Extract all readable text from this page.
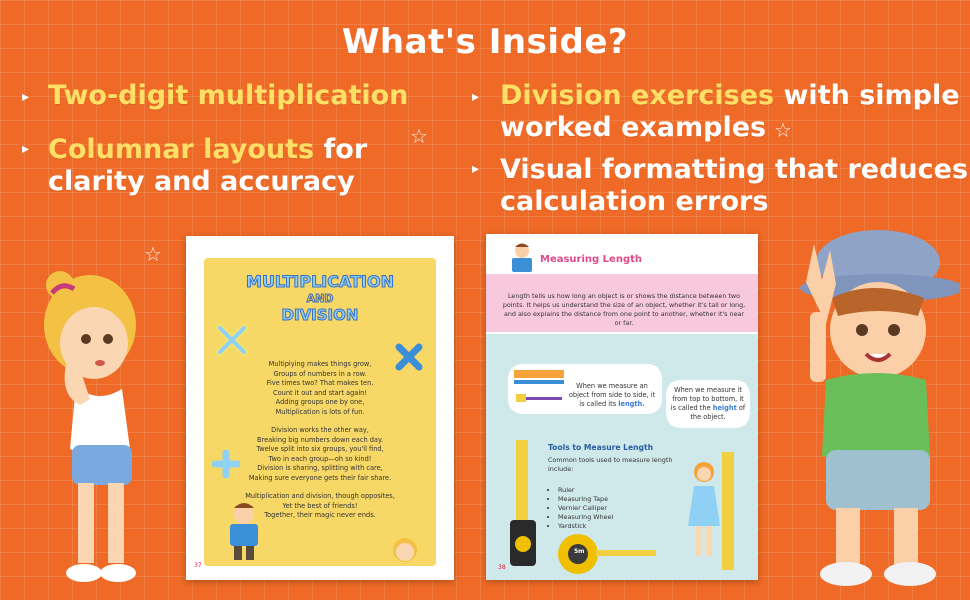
What's Inside?
▸ Two-digit multiplication
▸ Columnar layouts for
clarity and accuracy
▸ Division exercises with simple
worked examples
▸ Visual formatting that reduces
calculation errors
☆	☆
☆
MULTIPLICATION
AND
DIVISION
Multiplying makes things grow,
Groups of numbers in a row.
Five times two? That makes ten.
Count it out and start again!
Adding groups one by one,
Multiplication is lots of fun.
Division works the other way,
Breaking big numbers down each day.
Twelve split into six groups, you'll find,
Two in each group—oh so kind!
Division is sharing, splitting with care,
Making sure everyone gets their fair share.
Multiplication and division, though opposites,
Yet the best of friends!
Together, their magic never ends.
37
Measuring Length
Length tells us how long an object is or shows the distance between two points. It helps us understand the size of an object, whether it's tall or long, and also explains the distance from one point to another, whether it's near or far.
When we measure an object from side to side, it is called its length.
When we measure it from top to bottom, it is called the height of the object.
Tools to Measure Length
Common tools used to measure length include:
• Ruler
• Measuring Tape
• Vernier Calliper
• Measuring Wheel
• Yardstick
5m
38
